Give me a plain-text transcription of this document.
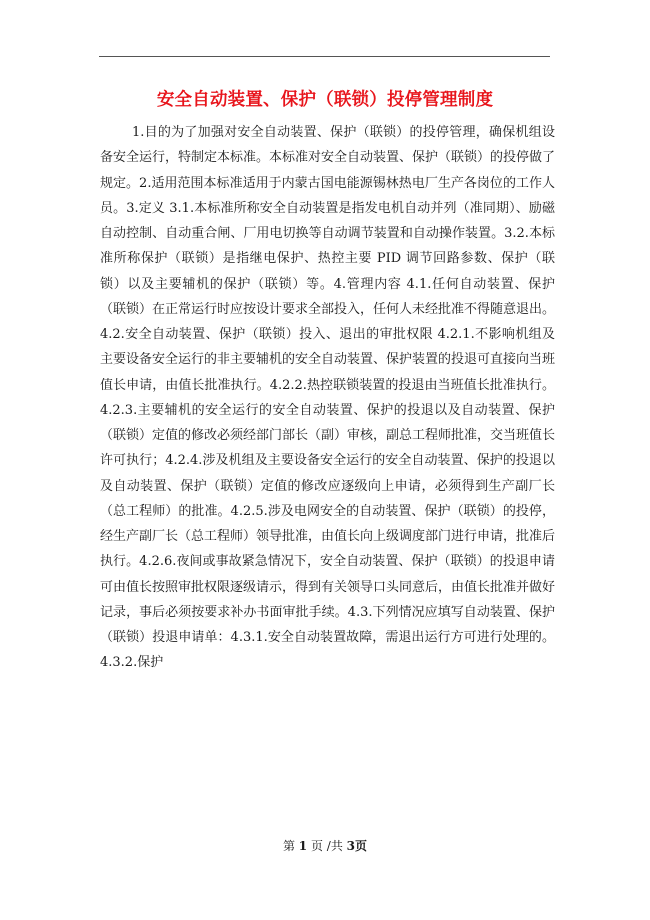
安全自动装置、保护（联锁）投停管理制度

1.目的为了加强对安全自动装置、保护（联锁）的投停管理，确保机组设备安全运行，特制定本标准。本标准对安全自动装置、保护（联锁）的投停做了规定。2.适用范围本标准适用于内蒙古国电能源锡林热电厂生产各岗位的工作人员。3.定义 3.1.本标准所称安全自动装置是指发电机自动并列（准同期）、励磁自动控制、自动重合闸、厂用电切换等自动调节装置和自动操作装置。3.2.本标准所称保护（联锁）是指继电保护、热控主要 PID 调节回路参数、保护（联锁）以及主要辅机的保护（联锁）等。4.管理内容 4.1.任何自动装置、保护（联锁）在正常运行时应按设计要求全部投入，任何人未经批准不得随意退出。4.2.安全自动装置、保护（联锁）投入、退出的审批权限 4.2.1.不影响机组及主要设备安全运行的非主要辅机的安全自动装置、保护装置的投退可直接向当班值长申请，由值长批准执行。4.2.2.热控联锁装置的投退由当班值长批准执行。4.2.3.主要辅机的安全运行的安全自动装置、保护的投退以及自动装置、保护（联锁）定值的修改必须经部门部长（副）审核，副总工程师批准，交当班值长许可执行；4.2.4.涉及机组及主要设备安全运行的安全自动装置、保护的投退以及自动装置、保护（联锁）定值的修改应逐级向上申请，必须得到生产副厂长（总工程师）的批准。4.2.5.涉及电网安全的自动装置、保护（联锁）的投停，经生产副厂长（总工程师）领导批准，由值长向上级调度部门进行申请，批准后执行。4.2.6.夜间或事故紧急情况下，安全自动装置、保护（联锁）的投退申请可由值长按照审批权限逐级请示，得到有关领导口头同意后，由值长批准并做好记录，事后必须按要求补办书面审批手续。4.3.下列情况应填写自动装置、保护（联锁）投退申请单：4.3.1.安全自动装置故障，需退出运行方可进行处理的。4.3.2.保护

第 1 页 /共 3页
